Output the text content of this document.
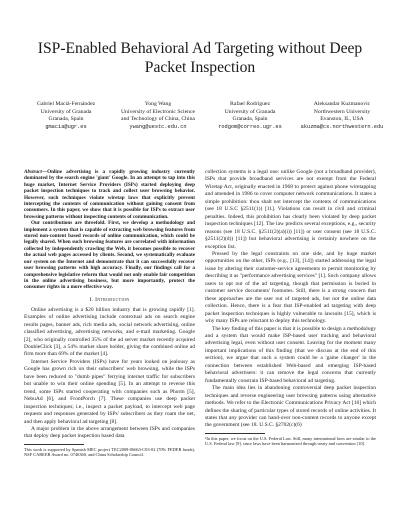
ISP-Enabled Behavioral Ad Targeting without Deep
Packet Inspection
Gabriel Maciá-Fernández
University of Granada
Granada, Spain
gmacia@ugr.es
Yong Wang
University of Electronic Science
and Technology of China, China
ywang@uestc.edu.cn
Rafael Rodríguez
University of Granada
Granada, Spain
rodgom@correo.ugr.es
Aleksandar Kuzmanovic
Northwestern University
Evanston, IL, USA
akuzma@cs.northwestern.edu

Abstract—Online advertising is a rapidly growing industry currently dominated by the search engine 'giant' Google. In an attempt to tap into this huge market, Internet Service Providers (ISPs) started deploying deep packet inspection techniques to track and collect user browsing behavior. However, such techniques violate wiretap laws that explicitly prevent intercepting the contents of communication without gaining consent from consumers. In this paper, we show that it is possible for ISPs to extract user browsing patterns without inspecting contents of communication.

Our contributions are threefold. First, we develop a methodology and implement a system that is capable of extracting web browsing features from stored non-content based records of online communication, which could be legally shared. When such browsing features are correlated with information collected by independently crawling the Web, it becomes possible to recover the actual web pages accessed by clients. Second, we systematically evaluate our system on the Internet and demonstrate that it can successfully recover user browsing patterns with high accuracy. Finally, our findings call for a comprehensive legislative reform that would not only enable fair competition in the online advertising business, but more importantly, protect the consumer rights in a more effective way.

I. Introduction

Online advertising is a $20 billion industry that is growing rapidly [1]. Examples of online advertising include contextual ads on search engine results pages, banner ads, rich media ads, social network advertising, online classified advertising, advertising networks, and e-mail marketing. Google [2], who originally controlled 35% of the ad server market recently acquired DoubleClick [3], a 54% market share holder, giving the combined online ad firm more than 69% of the market [4].

Internet Service Providers (ISPs) have for years looked on jealousy as Google has grown rich on their subscribers' web browsing, while the ISPs have been reduced to "dumb pipes" ferrying internet traffic for subscribers but unable to win their online spending [5]. In an attempt to reverse this trend, some ISPs started cooperating with companies such as Phorm [5], NebuAd [6], and FrontPorch [7]. These companies use deep packet inspection techniques; i.e., inspect a packet payload, to intercept web page requests and responses generated by ISPs' subscribers as they roam the net, and then apply behavioral ad targeting [8].

A major problem in the above arrangement between ISPs and companies that deploy deep packet inspection based data

This work is supported by Spanish MEC project TEC2008-06663-C03-02 (70% FEDER funds), NSF CAREER Award no. 0746360, and China Scholarship Council.

collection systems is a legal one: unlike Google (not a broadband provider), ISPs that provide broadband services are not exempt from the Federal Wiretap Act, originally enacted in 1968 to protect against phone wiretapping and amended in 1986 to cover computer network communications. It states a simple prohibition: thou shalt not intercept the contents of communications (see 18 U.S.C §2511(1)) [11]. Violations can result in civil and criminal penalties. Indeed, this prohibition has clearly been violated by deep packet inspection techniques [12]. The law predicts several exceptions, e.g., security reasons (see 18 U.S.C. §2511(2)(a)(i)) [11]) or user consent (see 18 U.S.C. §2511(2)(d)) [11]) but behavioral advertising is certainly nowhere on the exception list.

Pressed by the legal constraints on one side, and by huge market opportunities on the other, ISPs (e.g., [13], [14]) started addressing the legal issue by altering their customer-service agreements to permit monitoring by describing it as "performance advertising services" [1]. Such company allows users to opt out of the ad targeting, though that permission is buried in customer service documents' footnotes. Still, there is a strong concern that these approaches are the user out of targeted ads, but not the online data collection. Hence, there is a fear that ISP-enabled ad targeting with deep packet inspection techniques is highly vulnerable to lawsuits [15], which is why many ISPs are reluctant to deploy this technology.

The key finding of this paper is that it is possible to design a methodology and a system that would make ISP-based user tracking and behavioral advertising legal, even without user consent. Leaving for the moment many important implications of this finding (that we discuss at the end of this section), we argue that such a system could be a 'game changer' in the connection between established Web-based and emerging ISP-based behavioral advertisers: it can remove the legal concerns that currently fundamentally constrain ISP-based behavioral ad targeting.

The main idea lies in abandoning controversial deep packet inspection techniques and reverse engineering user browsing patterns using alternative methods. We refer to the Electronic Communications Privacy Act [16] which defines the sharing of particular types of stored records of online activities. It states that any provider can hand-over non-content records to anyone except the government (see 18. U.S.C. §2702(c)(6)

¹In this paper, we focus on the U.S. Federal Law. Still, many international laws are similar to the U.S. Federal law [9], since laws have been harmonized through treaty and convention [10].
